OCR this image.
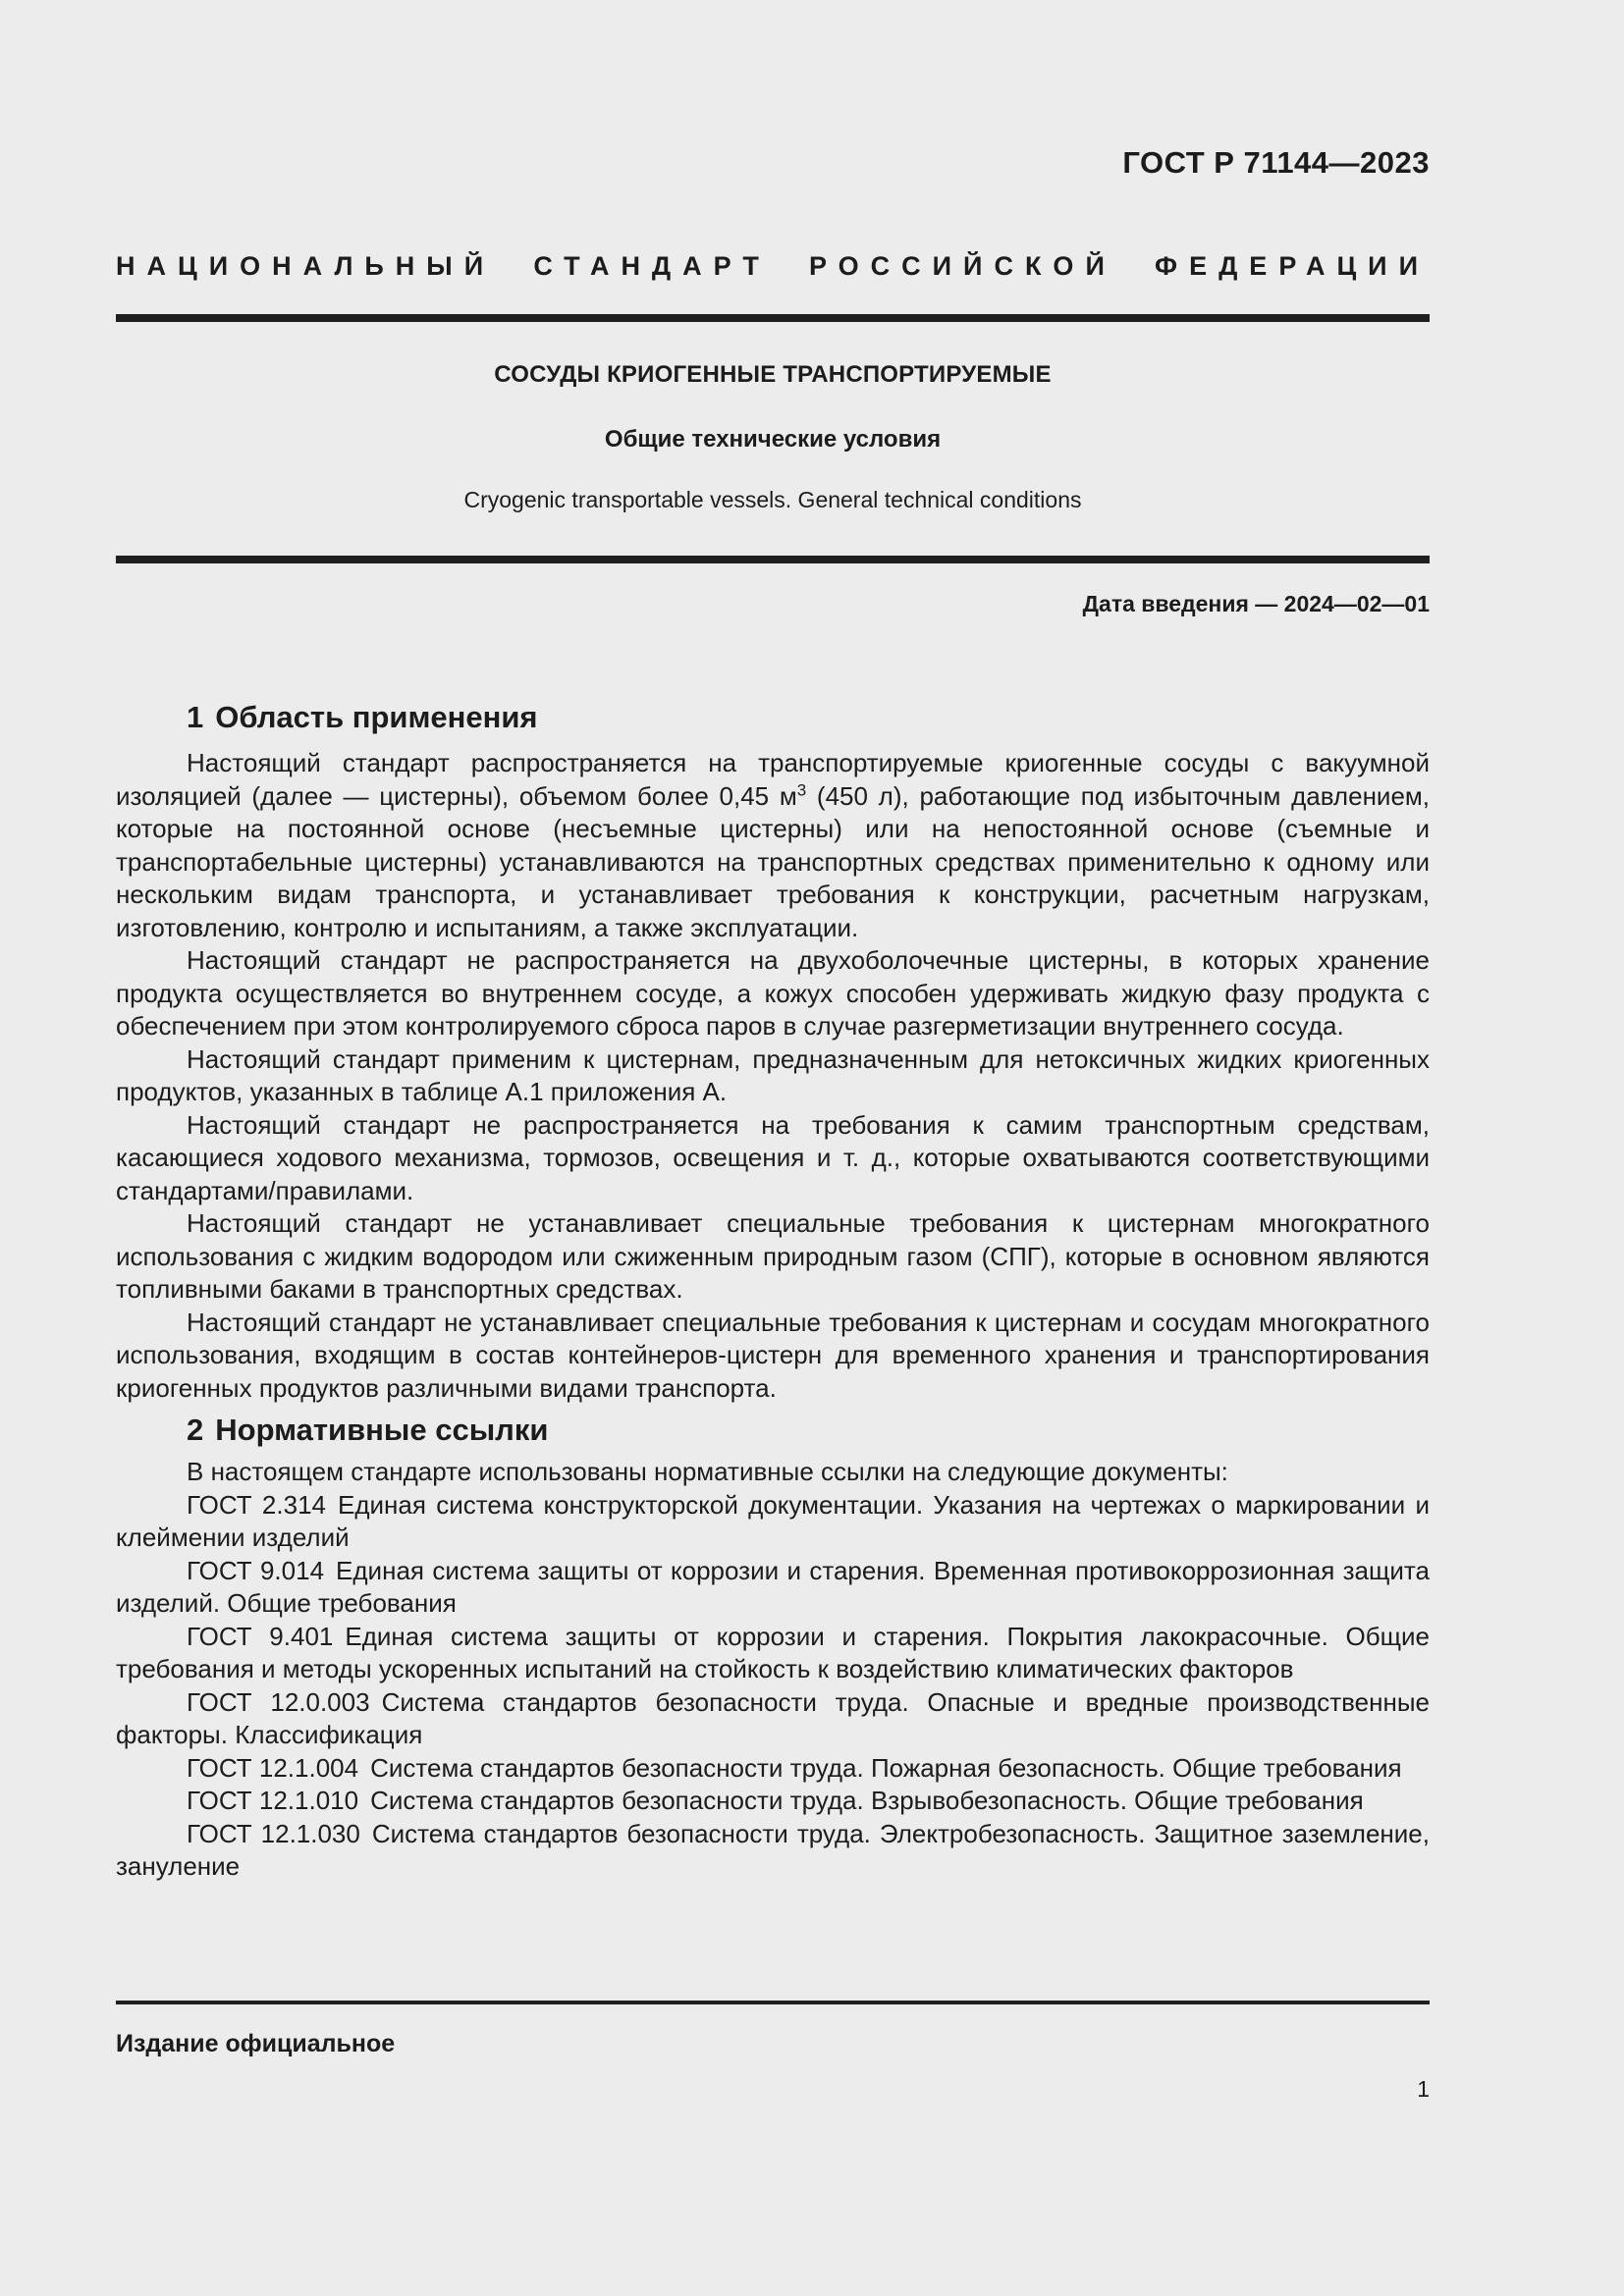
ГОСТ Р 71144—2023
НАЦИОНАЛЬНЫЙ СТАНДАРТ РОССИЙСКОЙ ФЕДЕРАЦИИ
СОСУДЫ КРИОГЕННЫЕ ТРАНСПОРТИРУЕМЫЕ
Общие технические условия
Cryogenic transportable vessels. General technical conditions
Дата введения — 2024—02—01
1 Область применения

Настоящий стандарт распространяется на транспортируемые криогенные сосуды с вакуумной изоляцией (далее — цистерны), объемом более 0,45 $м^3$ (450 л), работающие под избыточным давлением, которые на постоянной основе (несъемные цистерны) или на непостоянной основе (съемные и транспортабельные цистерны) устанавливаются на транспортных средствах применительно к одному или нескольким видам транспорта, и устанавливает требования к конструкции, расчетным нагрузкам, изготовлению, контролю и испытаниям, а также эксплуатации.

Настоящий стандарт не распространяется на двухоболочечные цистерны, в которых хранение продукта осуществляется во внутреннем сосуде, а кожух способен удерживать жидкую фазу продукта с обеспечением при этом контролируемого сброса паров в случае разгерметизации внутреннего сосуда.

Настоящий стандарт применим к цистернам, предназначенным для нетоксичных жидких криогенных продуктов, указанных в таблице А.1 приложения А.

Настоящий стандарт не распространяется на требования к самим транспортным средствам, касающиеся ходового механизма, тормозов, освещения и т. д., которые охватываются соответствующими стандартами/правилами.

Настоящий стандарт не устанавливает специальные требования к цистернам многократного использования с жидким водородом или сжиженным природным газом (СПГ), которые в основном являются топливными баками в транспортных средствах.

Настоящий стандарт не устанавливает специальные требования к цистернам и сосудам многократного использования, входящим в состав контейнеров-цистерн для временного хранения и транспортирования криогенных продуктов различными видами транспорта.

2 Нормативные ссылки

В настоящем стандарте использованы нормативные ссылки на следующие документы:

ГОСТ 2.314 Единая система конструкторской документации. Указания на чертежах о маркировании и клеймении изделий

ГОСТ 9.014 Единая система защиты от коррозии и старения. Временная противокоррозионная защита изделий. Общие требования

ГОСТ 9.401 Единая система защиты от коррозии и старения. Покрытия лакокрасочные. Общие требования и методы ускоренных испытаний на стойкость к воздействию климатических факторов

ГОСТ 12.0.003 Система стандартов безопасности труда. Опасные и вредные производственные факторы. Классификация

ГОСТ 12.1.004 Система стандартов безопасности труда. Пожарная безопасность. Общие требования

ГОСТ 12.1.010 Система стандартов безопасности труда. Взрывобезопасность. Общие требования

ГОСТ 12.1.030 Система стандартов безопасности труда. Электробезопасность. Защитное заземление, зануление

Издание официальное
1
